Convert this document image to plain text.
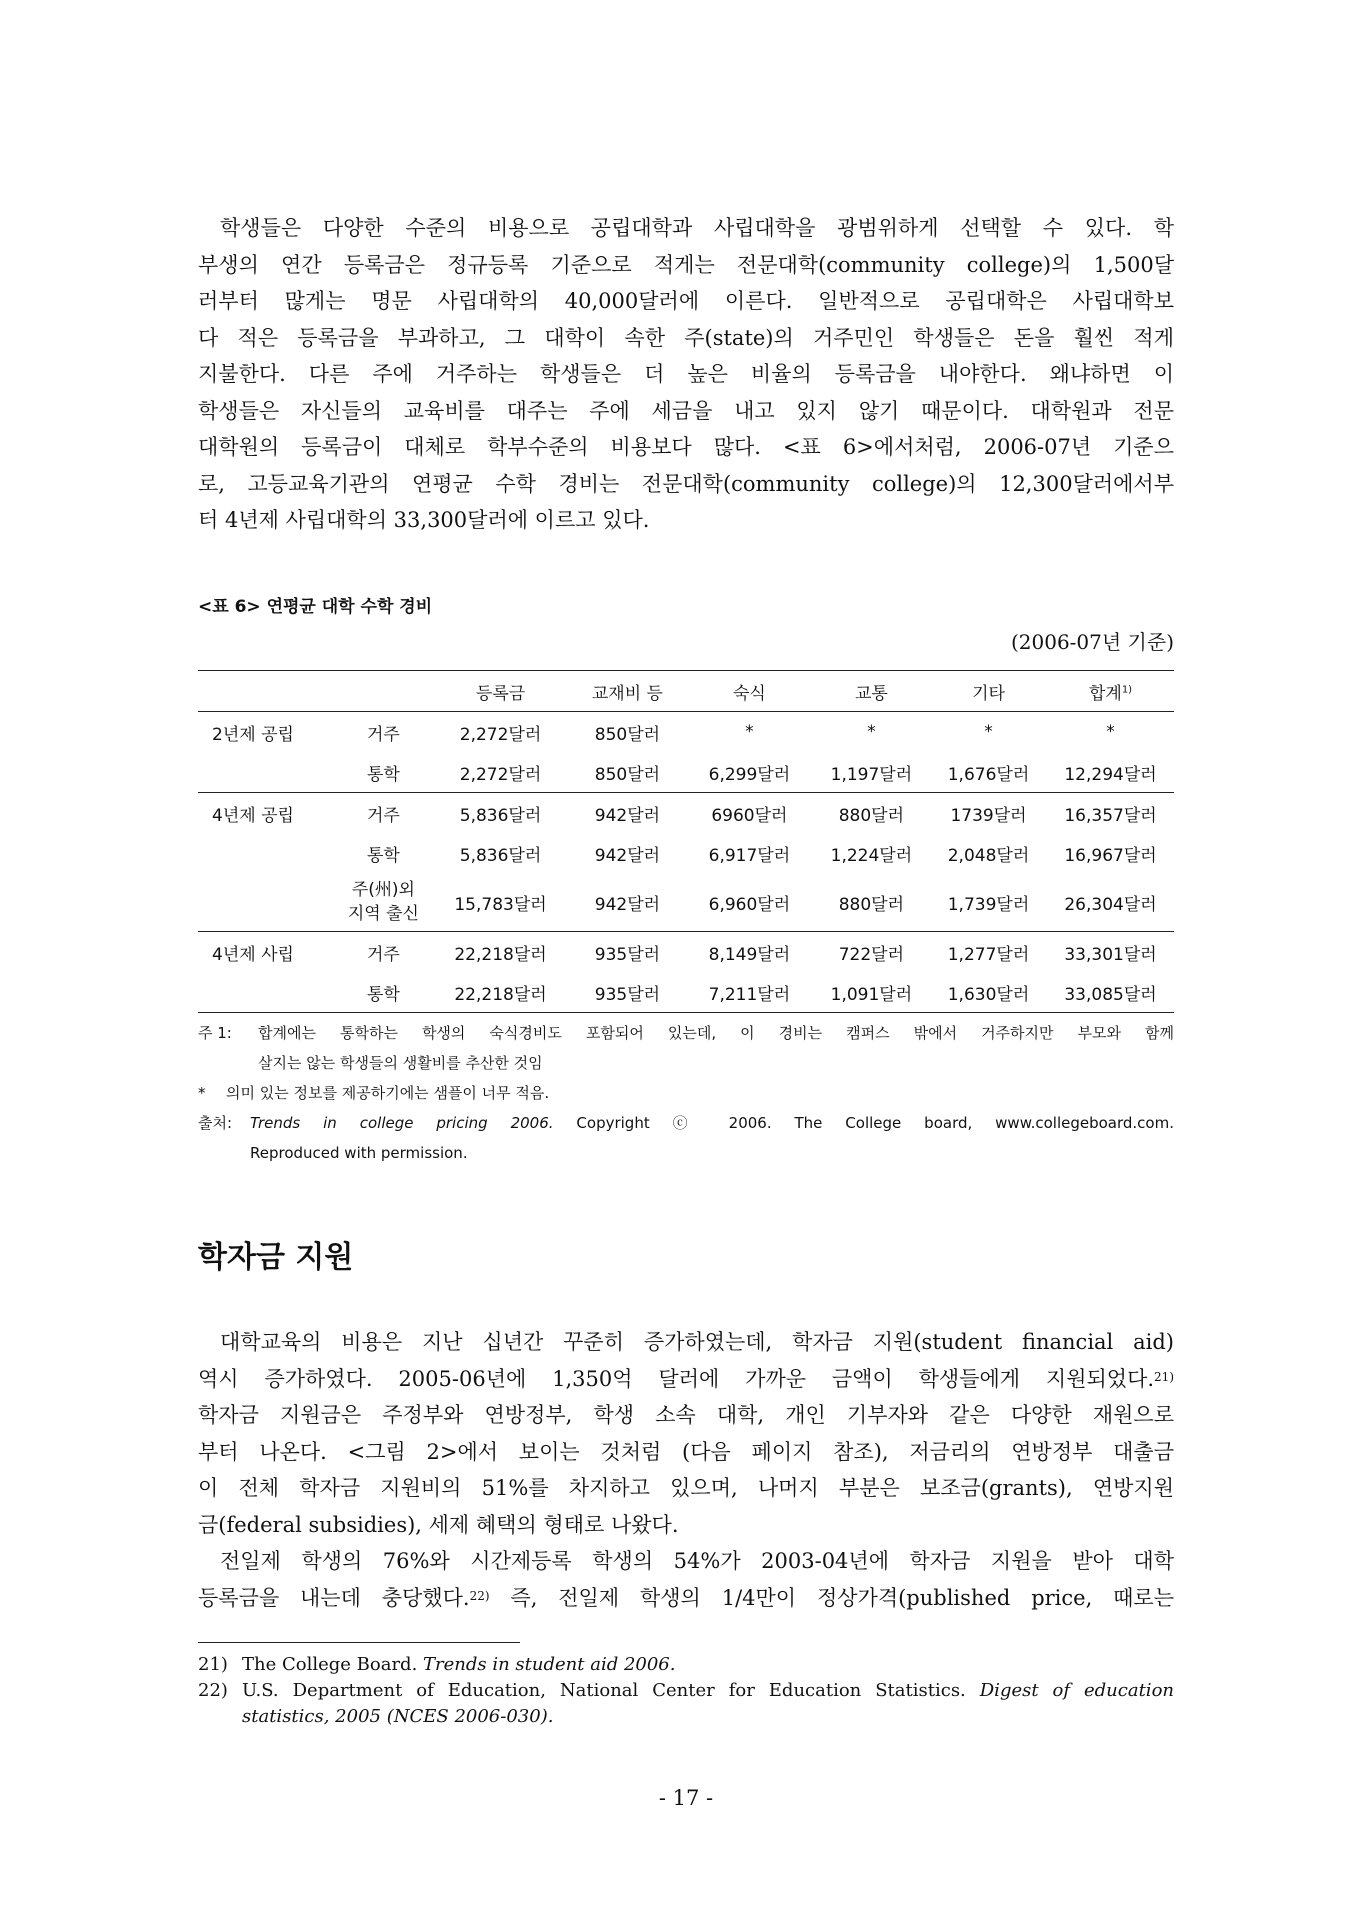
학생들은 다양한 수준의 비용으로 공립대학과 사립대학을 광범위하게 선택할 수 있다. 학
부생의 연간 등록금은 정규등록 기준으로 적게는 전문대학(community college)의 1,500달
러부터 많게는 명문 사립대학의 40,000달러에 이른다. 일반적으로 공립대학은 사립대학보
다 적은 등록금을 부과하고, 그 대학이 속한 주(state)의 거주민인 학생들은 돈을 훨씬 적게
지불한다. 다른 주에 거주하는 학생들은 더 높은 비율의 등록금을 내야한다. 왜냐하면 이
학생들은 자신들의 교육비를 대주는 주에 세금을 내고 있지 않기 때문이다. 대학원과 전문
대학원의 등록금이 대체로 학부수준의 비용보다 많다. <표 6>에서처럼, 2006-07년 기준으
로, 고등교육기관의 연평균 수학 경비는 전문대학(community college)의 12,300달러에서부
터 4년제 사립대학의 33,300달러에 이르고 있다.
<표 6> 연평균 대학 수학 경비
(2006-07년 기준)
		등록금	교재비 등	숙식	교통	기타	합계$^{1)}$
2년제 공립	거주	2,272달러	850달러	*	*	*	*
	통학	2,272달러	850달러	6,299달러	1,197달러	1,676달러	12,294달러
4년제 공립	거주	5,836달러	942달러	6960달러	880달러	1739달러	16,357달러
	통학	5,836달러	942달러	6,917달러	1,224달러	2,048달러	16,967달러
	주(州)외
지역 출신	15,783달러	942달러	6,960달러	880달러	1,739달러	26,304달러
4년제 사립	거주	22,218달러	935달러	8,149달러	722달러	1,277달러	33,301달러
	통학	22,218달러	935달러	7,211달러	1,091달러	1,630달러	33,085달러
주 1:	합계에는 통학하는 학생의 숙식경비도 포함되어 있는데, 이 경비는 캠퍼스 밖에서 거주하지만 부모와 함께
살지는 않는 학생들의 생활비를 추산한 것임
*	의미 있는 정보를 제공하기에는 샘플이 너무 적음.
출처:	Trends in college pricing 2006. Copyright ⓒ 2006. The College board, www.collegeboard.com.
Reproduced with permission.
학자금 지원
대학교육의 비용은 지난 십년간 꾸준히 증가하였는데, 학자금 지원(student financial aid)
역시 증가하였다. 2005-06년에 1,350억 달러에 가까운 금액이 학생들에게 지원되었다.$^{21)}$
학자금 지원금은 주정부와 연방정부, 학생 소속 대학, 개인 기부자와 같은 다양한 재원으로
부터 나온다. <그림 2>에서 보이는 것처럼 (다음 페이지 참조), 저금리의 연방정부 대출금
이 전체 학자금 지원비의 51%를 차지하고 있으며, 나머지 부분은 보조금(grants), 연방지원
금(federal subsidies), 세제 혜택의 형태로 나왔다.
전일제 학생의 76%와 시간제등록 학생의 54%가 2003-04년에 학자금 지원을 받아 대학
등록금을 내는데 충당했다.$^{22)}$ 즉, 전일제 학생의 1/4만이 정상가격(published price, 때로는
21) The College Board. Trends in student aid 2006.
22) U.S. Department of Education, National Center for Education Statistics. Digest of education
statistics, 2005 (NCES 2006-030).
- 17 -
